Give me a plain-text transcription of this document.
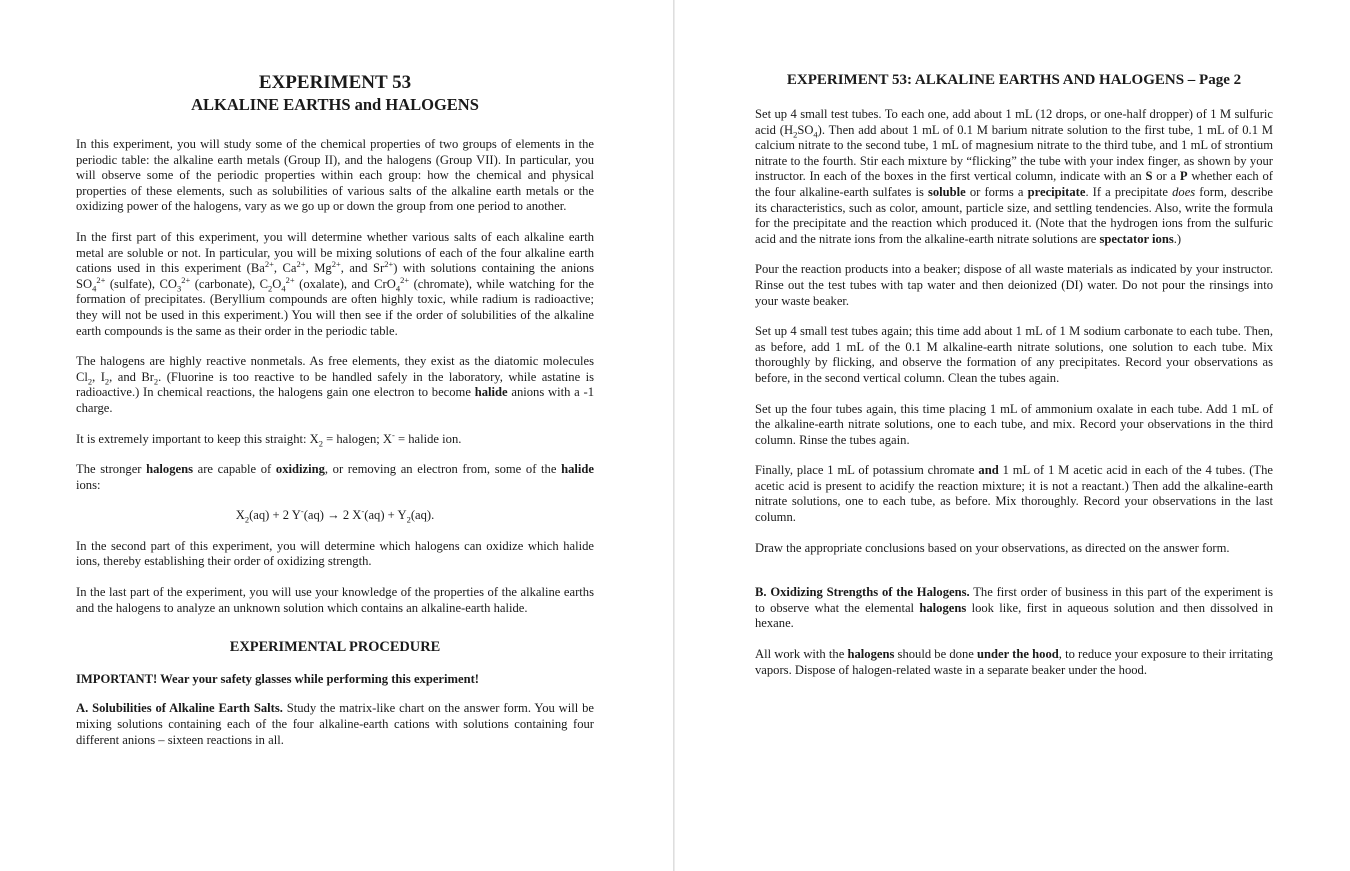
EXPERIMENT 53
ALKALINE EARTHS and HALOGENS

In this experiment, you will study some of the chemical properties of two groups of elements in the periodic table: the alkaline earth metals (Group II), and the halogens (Group VII). In particular, you will observe some of the periodic properties within each group: how the chemical and physical properties of these elements, such as solubilities of various salts of the alkaline earth metals or the oxidizing power of the halogens, vary as we go up or down the group from one period to another.

In the first part of this experiment, you will determine whether various salts of each alkaline earth metal are soluble or not. In particular, you will be mixing solutions of each of the four alkaline earth cations used in this experiment ($Ba^{2+}$, $Ca^{2+}$, $Mg^{2+}$, and $Sr^{2+}$) with solutions containing the anions $SO_4^{2+}$ (sulfate), $CO_3^{2+}$ (carbonate), $C_2O_4^{2+}$ (oxalate), and CrO$_4^{2+}$ (chromate), while watching for the formation of precipitates. (Beryllium compounds are often highly toxic, while radium is radioactive; they will not be used in this experiment.) You will then see if the order of solubilities of the alkaline earth compounds is the same as their order in the periodic table.

The halogens are highly reactive nonmetals. As free elements, they exist as the diatomic molecules $Cl_2$, $I_2$, and $Br_2$. (Fluorine is too reactive to be handled safely in the laboratory, while astatine is radioactive.) In chemical reactions, the halogens gain one electron to become halide anions with a -1 charge.

It is extremely important to keep this straight: $X_2$ = halogen; X- = halide ion.

The stronger halogens are capable of oxidizing, or removing an electron from, some of the halide ions:

$X_2(aq) + 2$ Y-(aq) → 2 $X^-(aq) + Y_2(aq)$.

In the second part of this experiment, you will determine which halogens can oxidize which halide ions, thereby establishing their order of oxidizing strength.

In the last part of the experiment, you will use your knowledge of the properties of the alkaline earths and the halogens to analyze an unknown solution which contains an alkaline-earth halide.

EXPERIMENTAL PROCEDURE

IMPORTANT! Wear your safety glasses while performing this experiment!

A. Solubilities of Alkaline Earth Salts. Study the matrix-like chart on the answer form. You will be mixing solutions containing each of the four alkaline-earth cations with solutions containing four different anions – sixteen reactions in all.

EXPERIMENT 53: ALKALINE EARTHS AND HALOGENS – Page 2

Set up 4 small test tubes. To each one, add about 1 mL (12 drops, or one-half dropper) of 1 M sulfuric acid $(H_2SO_4)$. Then add about 1 mL of 0.1 M barium nitrate solution to the first tube, 1 mL of 0.1 M calcium nitrate to the second tube, 1 mL of magnesium nitrate to the third tube, and 1 mL of strontium nitrate to the fourth. Stir each mixture by “flicking” the tube with your index finger, as shown by your instructor. In each of the boxes in the first vertical column, indicate with an S or a P whether each of the four alkaline-earth sulfates is soluble or forms a precipitate. If a precipitate does form, describe its characteristics, such as color, amount, particle size, and settling tendencies. Also, write the formula for the precipitate and the reaction which produced it. (Note that the hydrogen ions from the sulfuric acid and the nitrate ions from the alkaline-earth nitrate solutions are spectator ions.)

Pour the reaction products into a beaker; dispose of all waste materials as indicated by your instructor. Rinse out the test tubes with tap water and then deionized (DI) water. Do not pour the rinsings into your waste beaker.

Set up 4 small test tubes again; this time add about 1 mL of 1 M sodium carbonate to each tube. Then, as before, add 1 mL of the 0.1 M alkaline-earth nitrate solutions, one solution to each tube. Mix thoroughly by flicking, and observe the formation of any precipitates. Record your observations as before, in the second vertical column. Clean the tubes again.

Set up the four tubes again, this time placing 1 mL of ammonium oxalate in each tube. Add 1 mL of the alkaline-earth nitrate solutions, one to each tube, and mix. Record your observations in the third column. Rinse the tubes again.

Finally, place 1 mL of potassium chromate and 1 mL of 1 M acetic acid in each of the 4 tubes. (The acetic acid is present to acidify the reaction mixture; it is not a reactant.) Then add the alkaline-earth nitrate solutions, one to each tube, as before. Mix thoroughly. Record your observations in the last column.

Draw the appropriate conclusions based on your observations, as directed on the answer form.

B. Oxidizing Strengths of the Halogens. The first order of business in this part of the experiment is to observe what the elemental halogens look like, first in aqueous solution and then dissolved in hexane.

All work with the halogens should be done under the hood, to reduce your exposure to their irritating vapors. Dispose of halogen-related waste in a separate beaker under the hood.
